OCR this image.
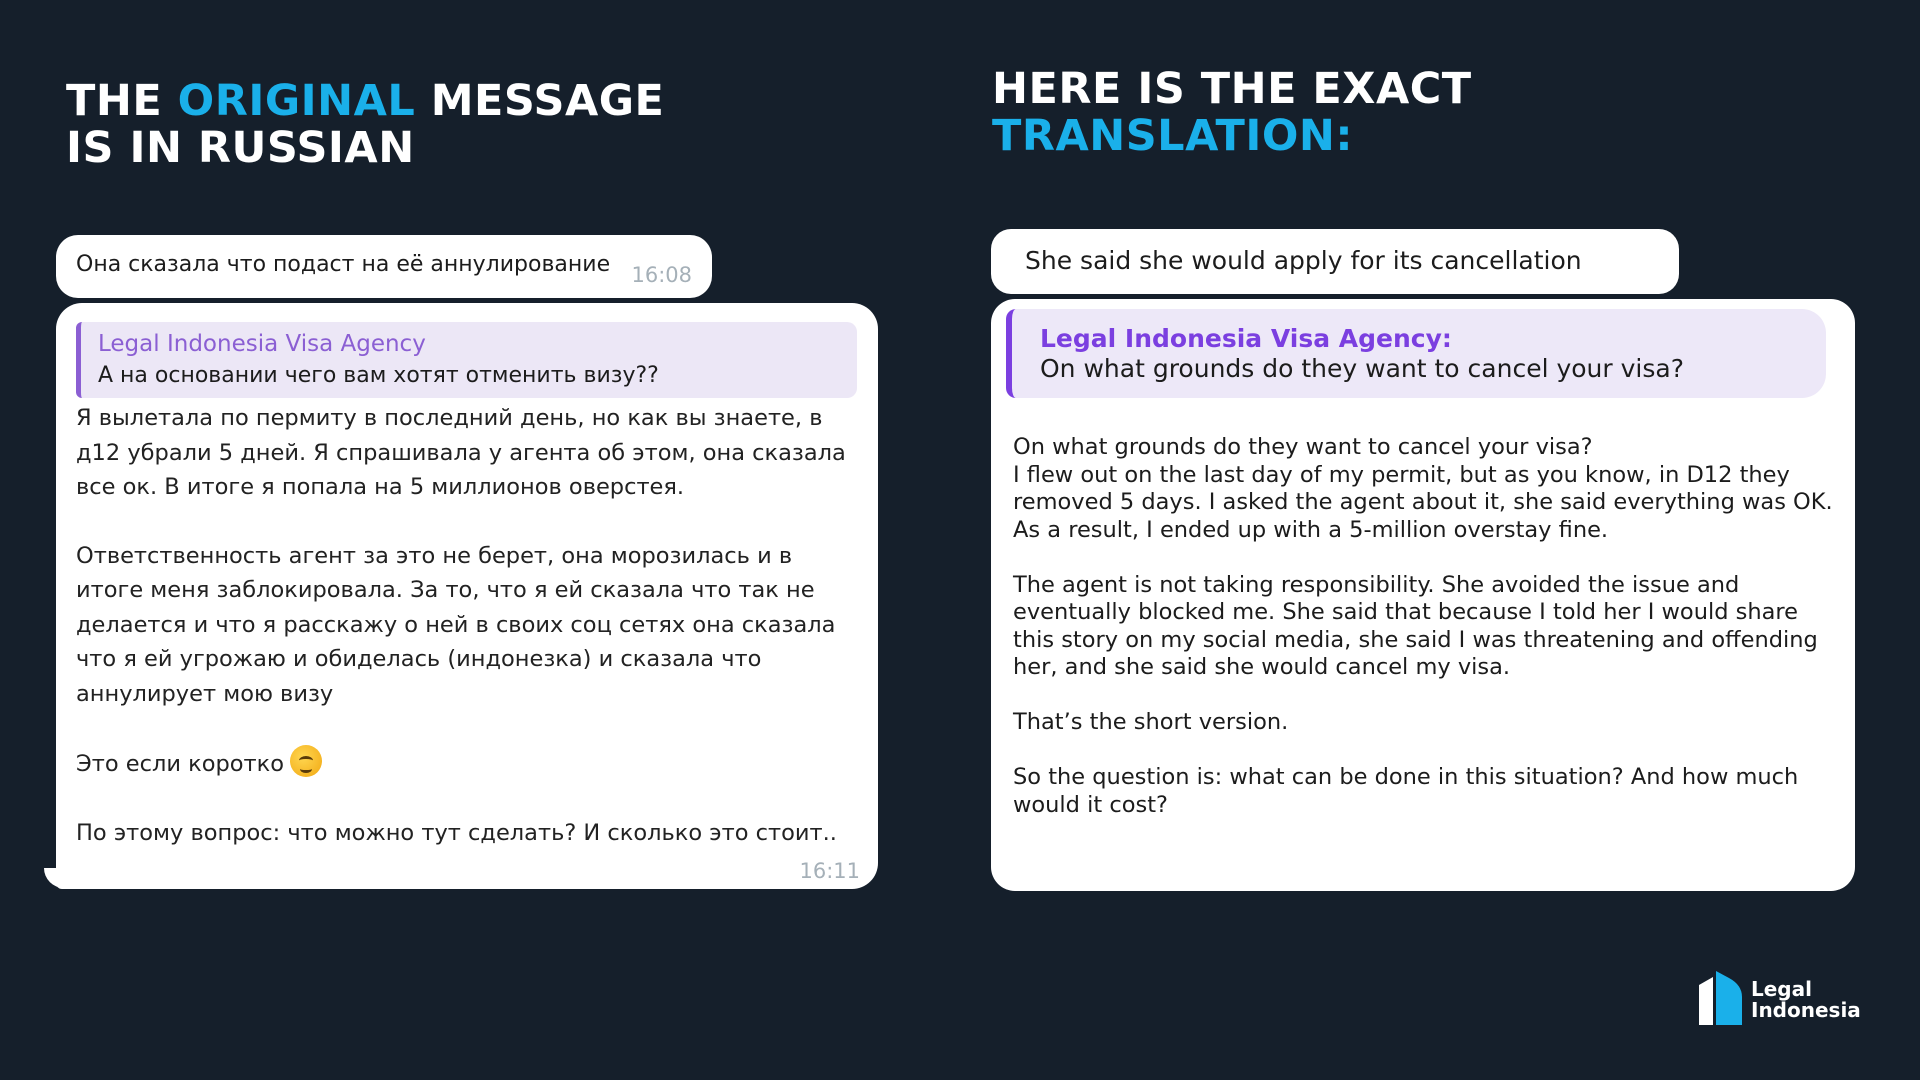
THE ORIGINAL MESSAGE
IS IN RUSSIAN
HERE IS THE EXACT
TRANSLATION:
Она сказала что подаст на её аннулирование 16:08
Legal Indonesia Visa Agency
А на основании чего вам хотят отменить визу??

Я вылетала по пермиту в последний день, но как вы знаете, в д12 убрали 5 дней. Я спрашивала у агента об этом, она сказала все ок. В итоге я попала на 5 миллионов оверстея.

Ответственность агент за это не берет, она морозилась и в итоге меня заблокировала. За то, что я ей сказала что так не делается и что я расскажу о ней в своих соц сетях она сказала что я ей угрожаю и обиделась (индонезка) и сказала что аннулирует мою визу

Это если коротко

По этому вопрос: что можно тут сделать? И сколько это стоит..

16:11
She said she would apply for its cancellation
Legal Indonesia Visa Agency:
On what grounds do they want to cancel your visa?

On what grounds do they want to cancel your visa?
I flew out on the last day of my permit, but as you know, in D12 they removed 5 days. I asked the agent about it, she said everything was OK. As a result, I ended up with a 5-million overstay fine.

The agent is not taking responsibility. She avoided the issue and eventually blocked me. She said that because I told her I would share this story on my social media, she said I was threatening and offending her, and she said she would cancel my visa.

That’s the short version.

So the question is: what can be done in this situation? And how much would it cost?

Legal
Indonesia
